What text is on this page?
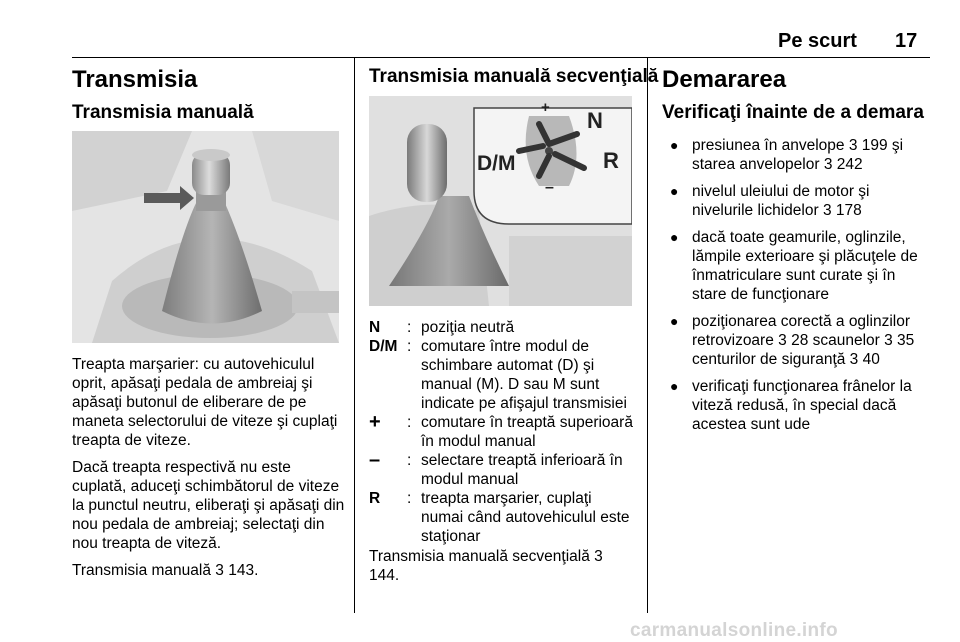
Pe scurt 17
Transmisia
Transmisia manuală

Treapta marşarier: cu autovehiculul oprit, apăsaţi pedala de ambreiaj şi apăsaţi butonul de eliberare de pe maneta selectorului de viteze şi cuplaţi treapta de viteze.

Dacă treapta respectivă nu este cuplată, aduceţi schimbătorul de viteze la punctul neutru, eliberaţi şi apăsaţi din nou pedala de ambreiaj; selectaţi din nou treapta de viteză.

Transmisia manuală 3 143.

Transmisia manuală secvenţială
+
N
D/M	R
–
N	: poziţia neutră
D/M : comutare între modul de schimbare automat (D) şi manual (M). D sau M sunt indicate pe afişajul transmisiei
+	: comutare în treaptă superioară în modul manual
–	: selectare treaptă inferioară în modul manual
R	: treapta marşarier, cuplaţi numai când autovehiculul este staţionar
Transmisia manuală secvenţială 3 144.
Demararea
Verificaţi înainte de a demara
● presiunea în anvelope 3 199 şi starea anvelopelor 3 242
● nivelul uleiului de motor şi nivelurile lichidelor 3 178
● dacă toate geamurile, oglinzile, lămpile exterioare şi plăcuţele de înmatriculare sunt curate şi în stare de funcţionare
● poziţionarea corectă a oglinzilor retrovizoare 3 28 scaunelor 3 35 centurilor de siguranţă 3 40
● verificaţi funcţionarea frânelor la viteză redusă, în special dacă acestea sunt ude
carmanualsonline.info
